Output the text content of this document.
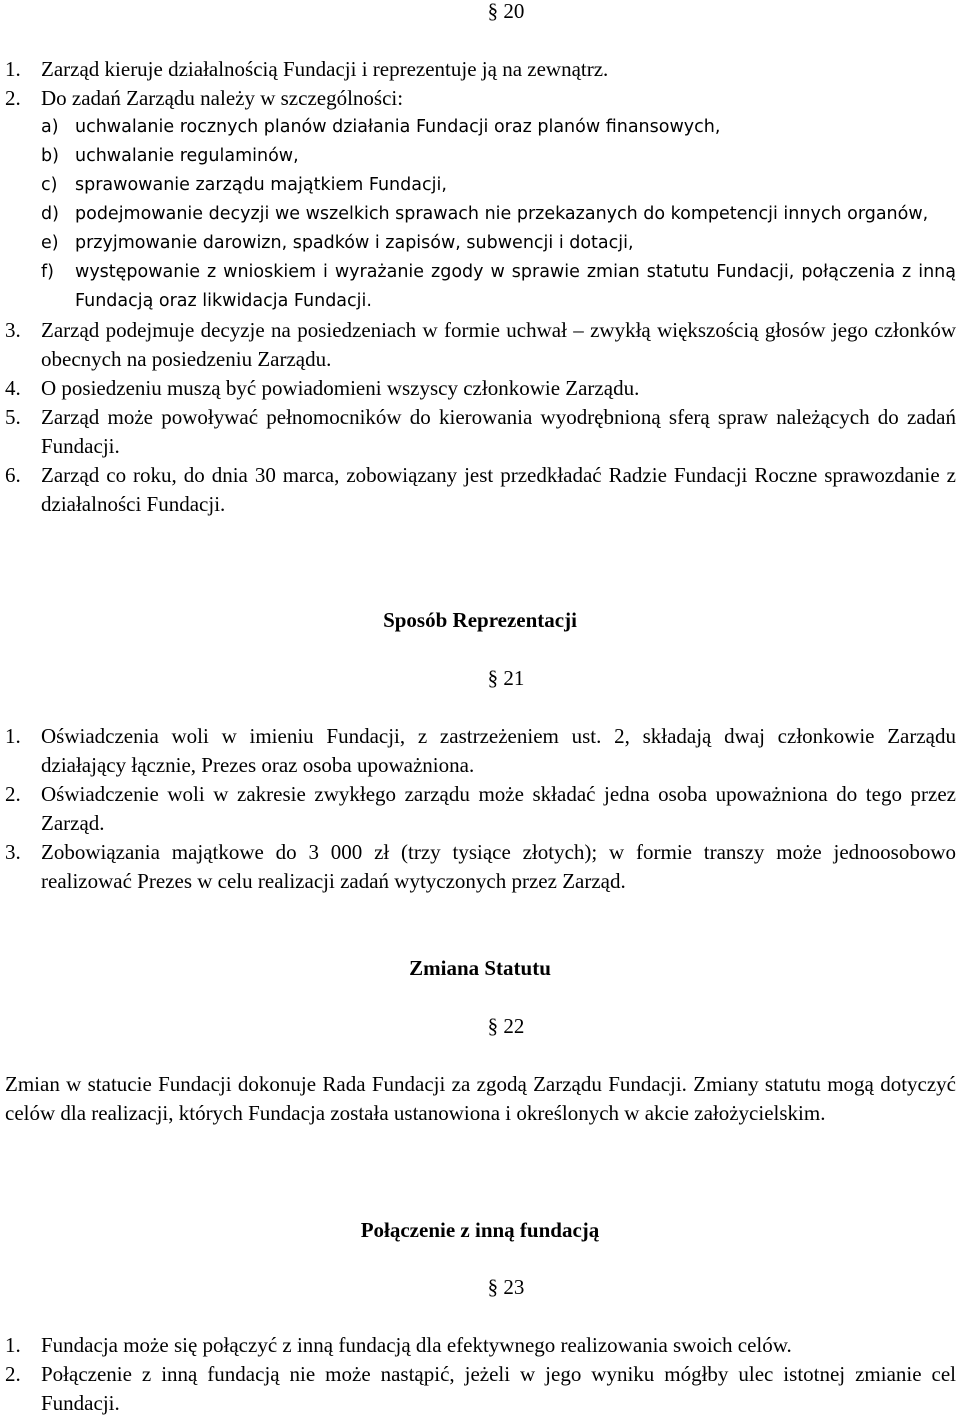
§ 20
1. Zarząd kieruje działalnością Fundacji i reprezentuje ją na zewnątrz.
2. Do zadań Zarządu należy w szczególności:
a) uchwalanie rocznych planów działania Fundacji oraz planów finansowych,
b) uchwalanie regulaminów,
c)	sprawowanie zarządu majątkiem Fundacji,
d) podejmowanie decyzji we wszelkich sprawach nie przekazanych do kompetencji innych organów,
e) przyjmowanie darowizn, spadków i zapisów, subwencji i dotacji,
f)	występowanie z wnioskiem i wyrażanie zgody w sprawie zmian statutu Fundacji, połączenia z inną Fundacją oraz likwidacja Fundacji.
3. Zarząd podejmuje decyzje na posiedzeniach w formie uchwał – zwykłą większością głosów jego członków obecnych na posiedzeniu Zarządu.
4. O posiedzeniu muszą być powiadomieni wszyscy członkowie Zarządu.
5. Zarząd może powoływać pełnomocników do kierowania wyodrębnioną sferą spraw należących do zadań Fundacji.
6. Zarząd co roku, do dnia 30 marca, zobowiązany jest przedkładać Radzie Fundacji Roczne sprawozdanie z działalności Fundacji.
Sposób Reprezentacji
§ 21
1. Oświadczenia woli w imieniu Fundacji, z zastrzeżeniem ust. 2, składają dwaj członkowie Zarządu działający łącznie, Prezes oraz osoba upoważniona.
2. Oświadczenie woli w zakresie zwykłego zarządu może składać jedna osoba upoważniona do tego przez Zarząd.
3. Zobowiązania majątkowe do 3 000 zł (trzy tysiące złotych); w formie transzy może jednoosobowo realizować Prezes w celu realizacji zadań wytyczonych przez Zarząd.
Zmiana Statutu
§ 22
Zmian w statucie Fundacji dokonuje Rada Fundacji za zgodą Zarządu Fundacji. Zmiany statutu mogą dotyczyć celów dla realizacji, których Fundacja została ustanowiona i określonych w akcie założycielskim.
Połączenie z inną fundacją
§ 23
1. Fundacja może się połączyć z inną fundacją dla efektywnego realizowania swoich celów.
2. Połączenie z inną fundacją nie może nastąpić, jeżeli w jego wyniku mógłby ulec istotnej zmianie cel Fundacji.
